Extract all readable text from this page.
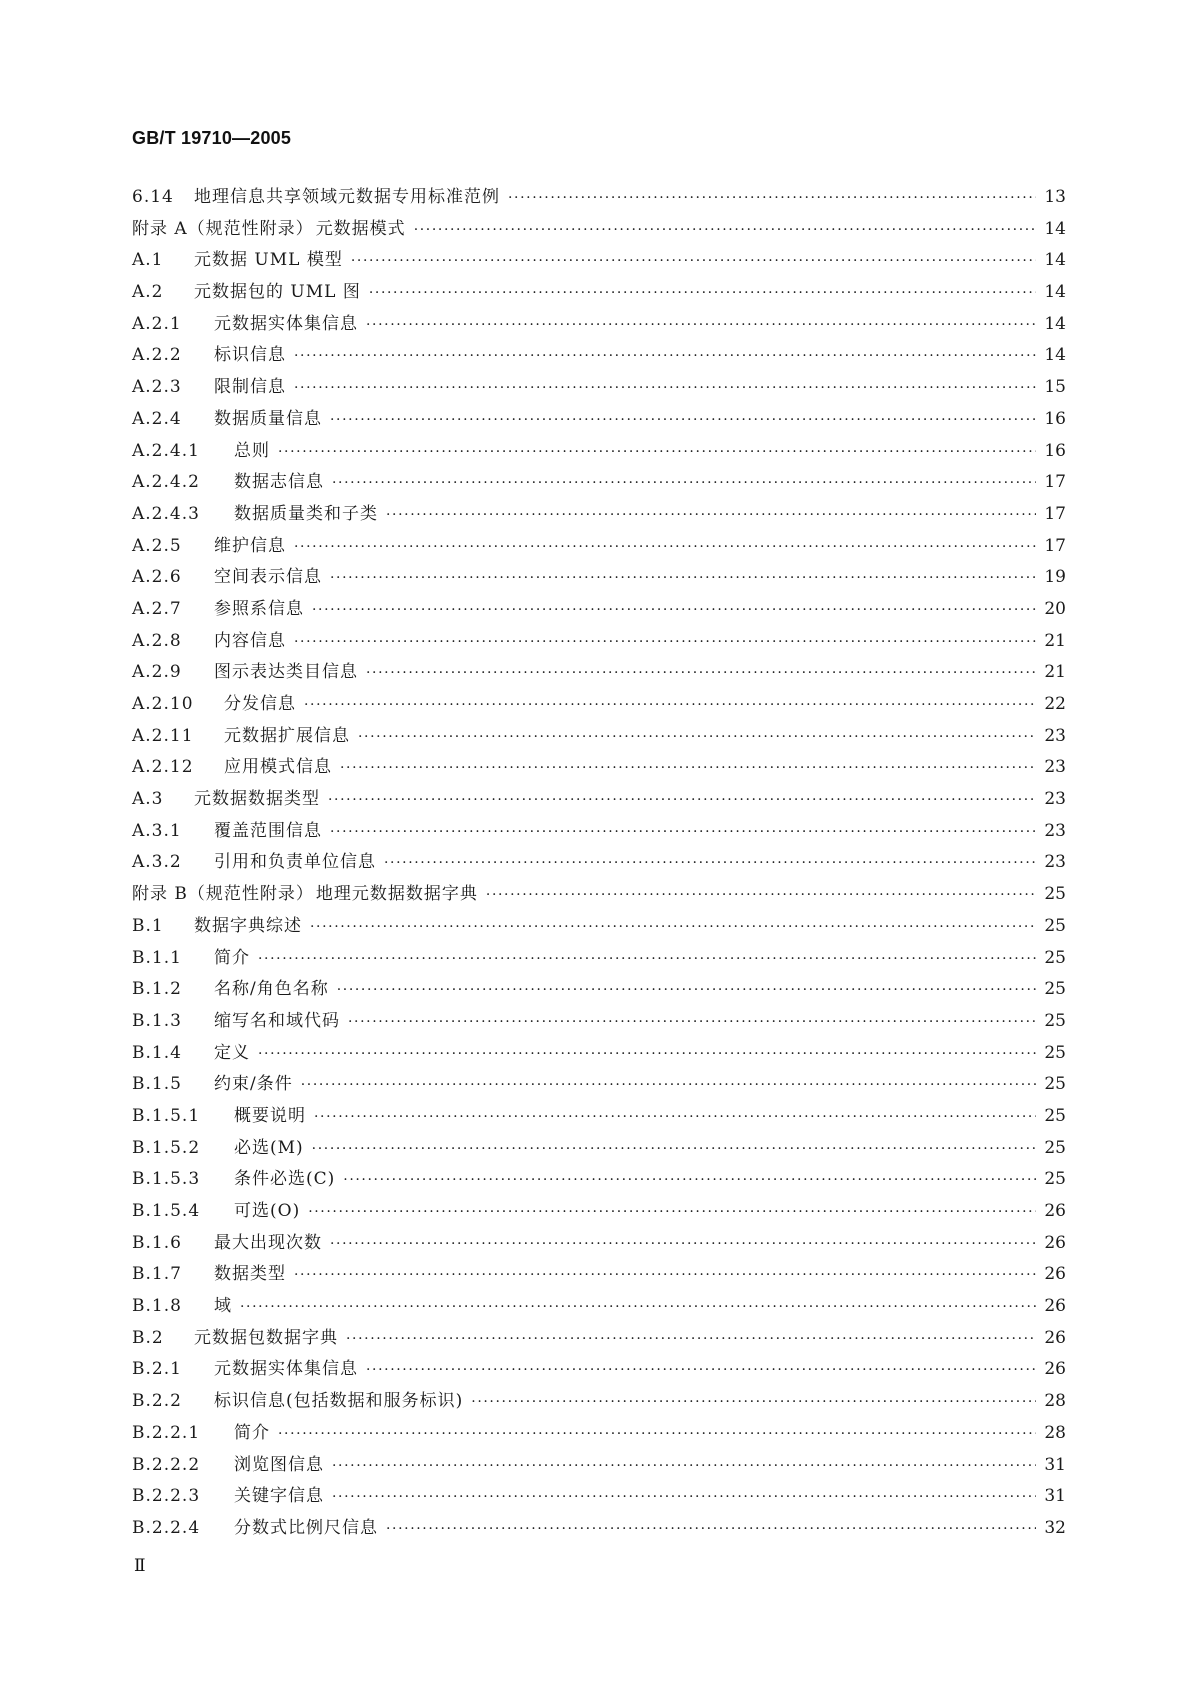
GB/T 19710—2005
6.14	地理信息共享领域元数据专用标准范例 ·····	13
附录 A（规范性附录） 元数据模式 ·····	14
A.1	元数据 UML 模型 ·····	14
A.2	元数据包的 UML 图 ·····	14
A.2.1	元数据实体集信息 ·····	14
A.2.2	标识信息 ·····	14
A.2.3	限制信息 ·····	15
A.2.4	数据质量信息 ·····	16
A.2.4.1	总则 ·····	16
A.2.4.2	数据志信息 ·····	17
A.2.4.3	数据质量类和子类 ·····	17
A.2.5	维护信息 ·····	17
A.2.6	空间表示信息 ·····	19
A.2.7	参照系信息 ·····	20
A.2.8	内容信息 ·····	21
A.2.9	图示表达类目信息 ·····	21
A.2.10	分发信息 ·····	22
A.2.11	元数据扩展信息 ·····	23
A.2.12	应用模式信息 ·····	23
A.3	元数据数据类型 ·····	23
A.3.1	覆盖范围信息 ·····	23
A.3.2	引用和负责单位信息 ·····	23
附录 B（规范性附录） 地理元数据数据字典 ·····	25
B.1	数据字典综述 ·····	25
B.1.1	简介 ·····	25
B.1.2	名称/角色名称 ·····	25
B.1.3	缩写名和域代码 ·····	25
B.1.4	定义 ·····	25
B.1.5	约束/条件 ·····	25
B.1.5.1	概要说明 ·····	25
B.1.5.2	必选(M) ·····	25
B.1.5.3	条件必选(C) ·····	25
B.1.5.4	可选(O) ·····	26
B.1.6	最大出现次数 ·····	26
B.1.7	数据类型 ·····	26
B.1.8	域 ·····	26
B.2	元数据包数据字典 ·····	26
B.2.1	元数据实体集信息 ·····	26
B.2.2	标识信息(包括数据和服务标识) ·····	28
B.2.2.1	简介 ·····	28
B.2.2.2	浏览图信息 ·····	31
B.2.2.3	关键字信息 ·····	31
B.2.2.4	分数式比例尺信息 ·····	32
Ⅱ
